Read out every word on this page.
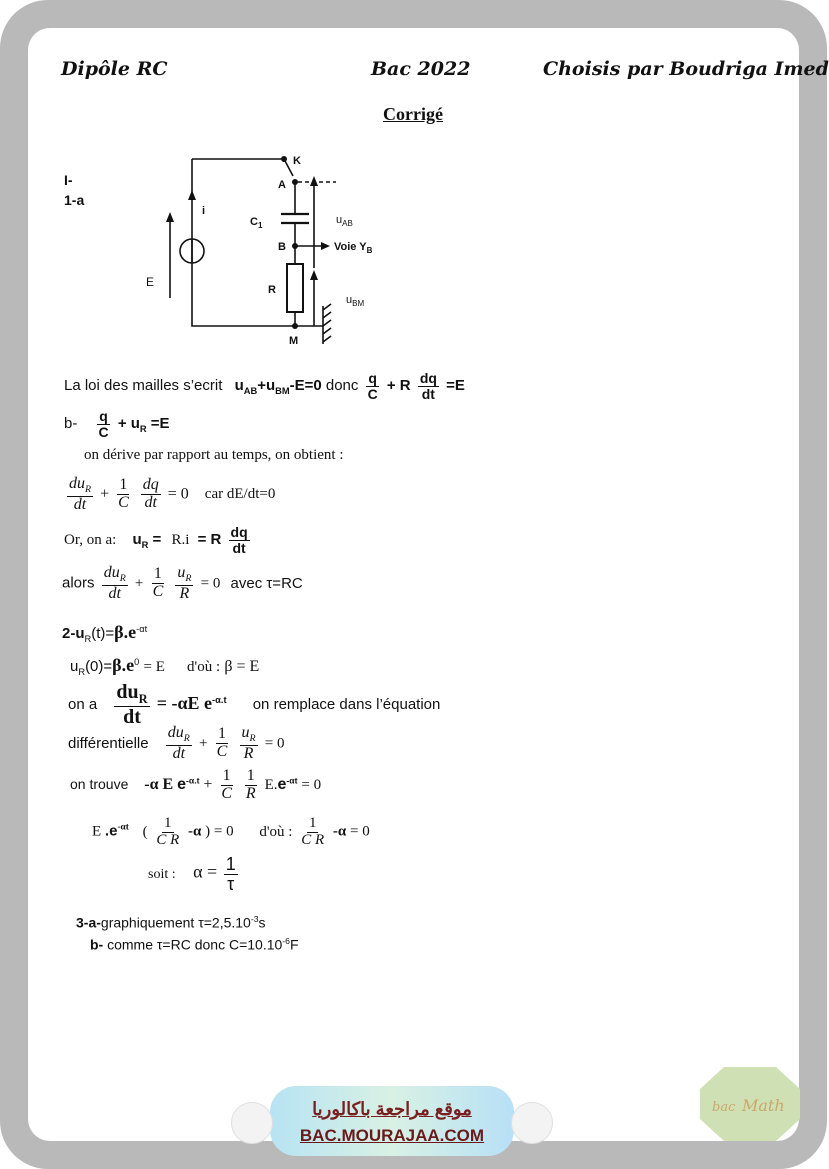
Dipôle RC	Bac 2022	Choisis par Boudriga Imed
Corrigé
I-
1-a
i
K
A
$C_1$
E
B	Voie $Y_B$
R
M
$u_{AB}$
$u_{BM}$
La loi des mailles s’ecrit $u_{AB}+u_{BM}-E=0$ donc $\frac{q}{C} + R \frac{dq}{dt} =E$
$b- \frac{q}{C} + u_R =E$
on dérive par rapport au temps, on obtient :
$\frac{du_R}{dt} + \frac{1}{C}$
$\frac{dq}{dt} = 0$ car dE/dt=0
Or, on a: $u_R = R.i = R \frac{dq}{dt}$
alors $\frac{du_R}{dt} + \frac{1}{C}$
$\frac{u_R}{R} = 0$ avec τ=RC
$2-u_R(t)=\beta.e^{-\alpha t}$
$u_R(0)=\beta.e^0 = E$ d'où : β = E
on a $\frac{du_R}{dt} = -\alpha E$ $e^{-\alpha.t}$ on remplace dans l’équation
différentielle $\frac{du_R}{dt} + \frac{1}{C}$
$\frac{u_R}{R} = 0$
on trouve -α E $e^{-\alpha.t} + \frac{1}{C}$
$\frac{1}{R} E.e^{-\alpha t} = 0$
E $.e^{-\alpha t}$ ( $\frac{1}{\text{C R}} -\alpha$ ) = 0 d'où : $\frac{1}{\text{C R}} -\alpha = 0$
soit : $\alpha = \frac{1}{\tau}$
3-a-graphiquement $\tau=2,5.10^{-3}s$
b- comme τ=RC donc $C=10.10^{-6}F$
موقع مراجعة باكالوريا
BAC.MOURAJAA.COM
bac Math
